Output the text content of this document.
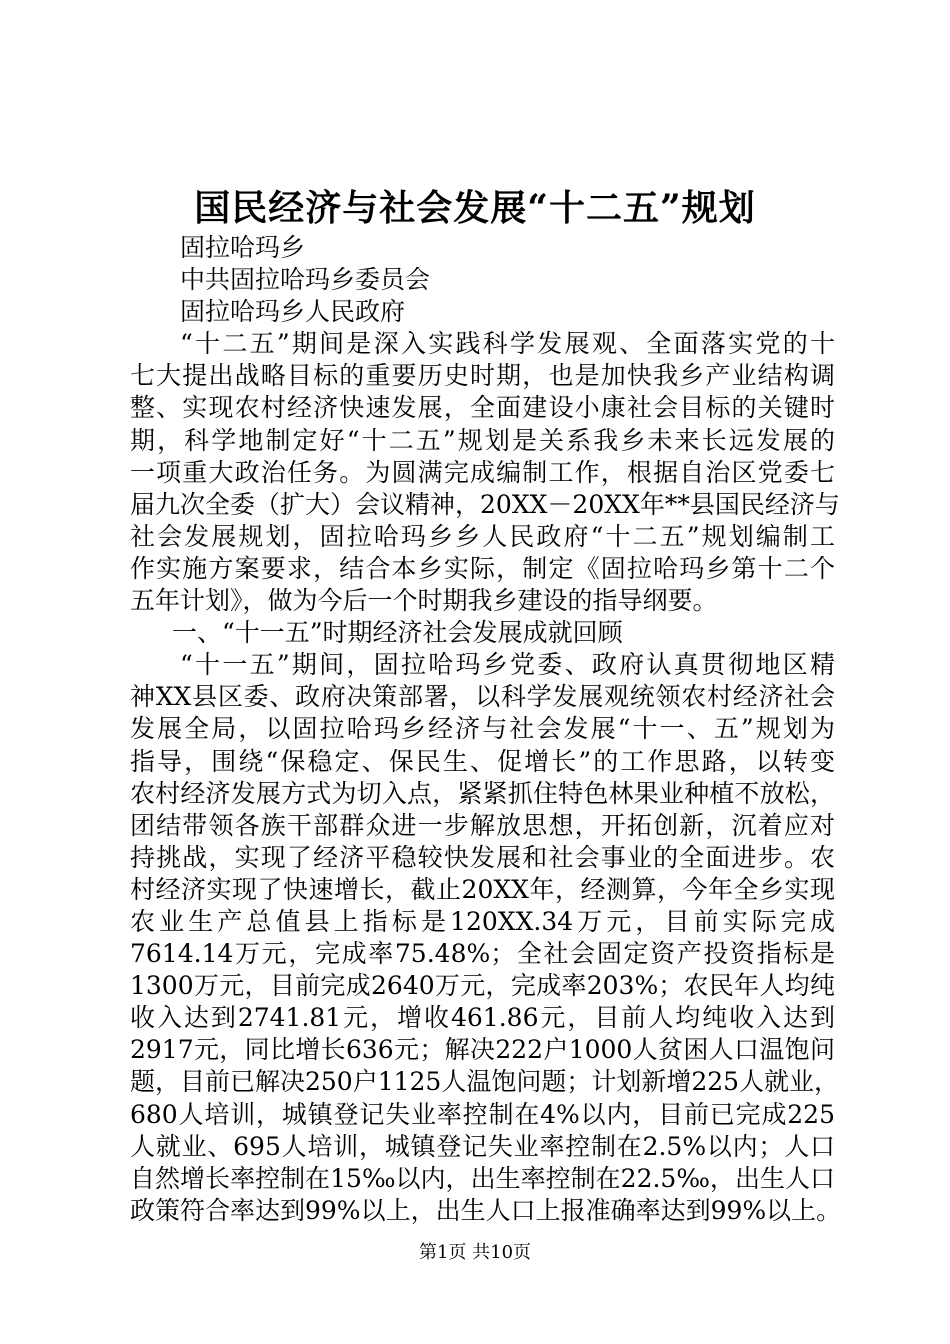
国民经济与社会发展“十二五”规划
固拉哈玛乡
中共固拉哈玛乡委员会
固拉哈玛乡人民政府
“十二五”期间是深入实践科学发展观、全面落实党的十
七大提出战略目标的重要历史时期，也是加快我乡产业结构调
整、实现农村经济快速发展，全面建设小康社会目标的关键时
期，科学地制定好“十二五”规划是关系我乡未来长远发展的
一项重大政治任务。为圆满完成编制工作，根据自治区党委七
届九次全委（扩大）会议精神，20XX－20XX年**县国民经济与
社会发展规划，固拉哈玛乡乡人民政府“十二五”规划编制工
作实施方案要求，结合本乡实际，制定《固拉哈玛乡第十二个
五年计划》，做为今后一个时期我乡建设的指导纲要。
一、“十一五”时期经济社会发展成就回顾
“十一五”期间，固拉哈玛乡党委、政府认真贯彻地区精
神XX县区委、政府决策部署，以科学发展观统领农村经济社会
发展全局，以固拉哈玛乡经济与社会发展“十一、五”规划为
指导，围绕“保稳定、保民生、促增长”的工作思路，以转变
农村经济发展方式为切入点，紧紧抓住特色林果业种植不放松，
团结带领各族干部群众进一步解放思想，开拓创新，沉着应对
持挑战，实现了经济平稳较快发展和社会事业的全面进步。农
村经济实现了快速增长，截止20XX年，经测算，今年全乡实现
农业生产总值县上指标是120XX.34万元，目前实际完成
7614.14万元，完成率75.48%；全社会固定资产投资指标是
1300万元，目前完成2640万元，完成率203%；农民年人均纯
收入达到2741.81元，增收461.86元，目前人均纯收入达到
2917元，同比增长636元；解决222户1000人贫困人口温饱问
题，目前已解决250户1125人温饱问题；计划新增225人就业，
680人培训，城镇登记失业率控制在4%以内，目前已完成225
人就业、695人培训，城镇登记失业率控制在2.5%以内；人口
自然增长率控制在15‰以内，出生率控制在22.5‰，出生人口
政策符合率达到99%以上，出生人口上报准确率达到99%以上。
第1页 共10页
